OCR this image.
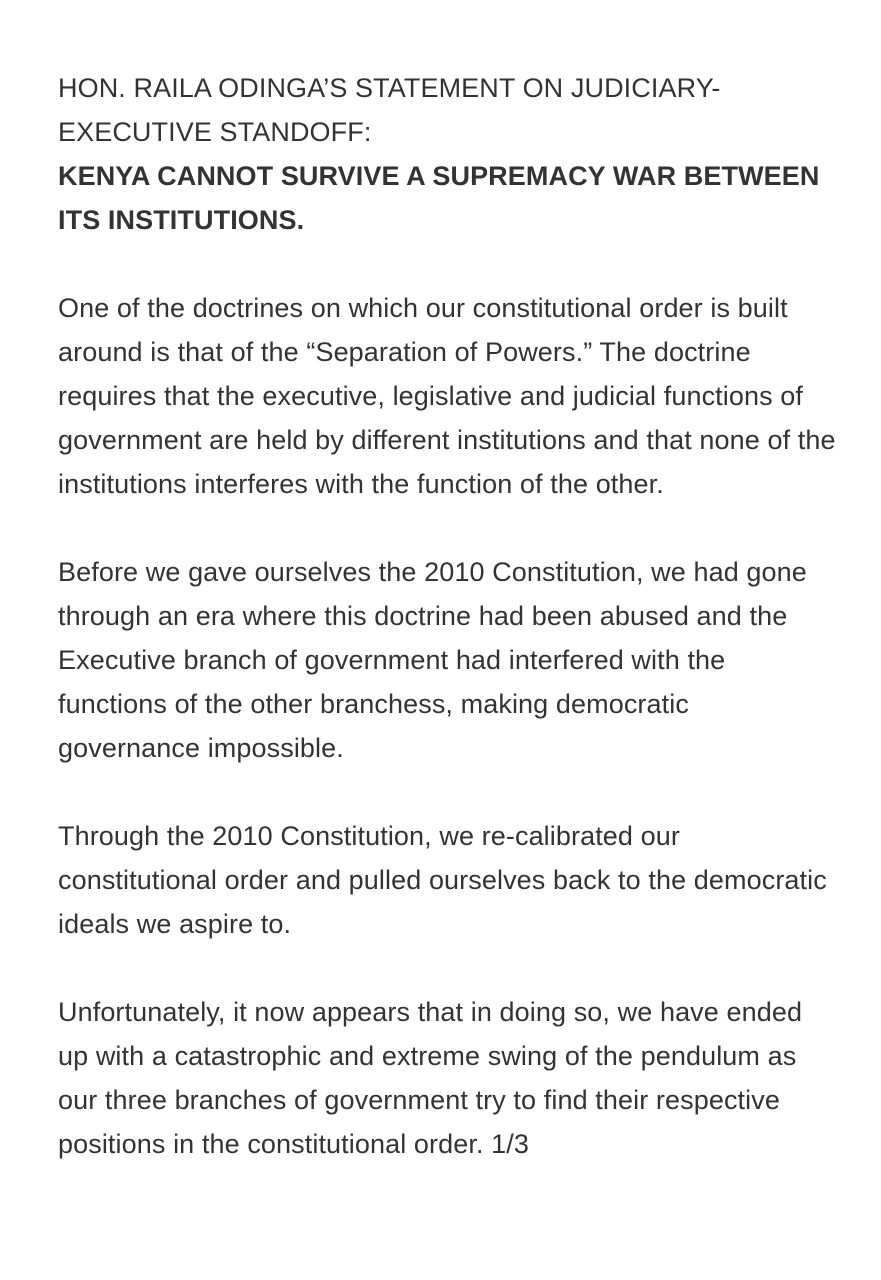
HON. RAILA ODINGA’S STATEMENT ON JUDICIARY-EXECUTIVE STANDOFF:

KENYA CANNOT SURVIVE A SUPREMACY WAR BETWEEN ITS INSTITUTIONS.

One of the doctrines on which our constitutional order is built around is that of the “Separation of Powers.” The doctrine requires that the executive, legislative and judicial functions of government are held by different institutions and that none of the institutions interferes with the function of the other.

Before we gave ourselves the 2010 Constitution, we had gone through an era where this doctrine had been abused and the Executive branch of government had interfered with the functions of the other branchess, making democratic governance impossible.

Through the 2010 Constitution, we re-calibrated our constitutional order and pulled ourselves back to the democratic ideals we aspire to.

Unfortunately, it now appears that in doing so, we have ended up with a catastrophic and extreme swing of the pendulum as our three branches of government try to find their respective positions in the constitutional order. 1/3
